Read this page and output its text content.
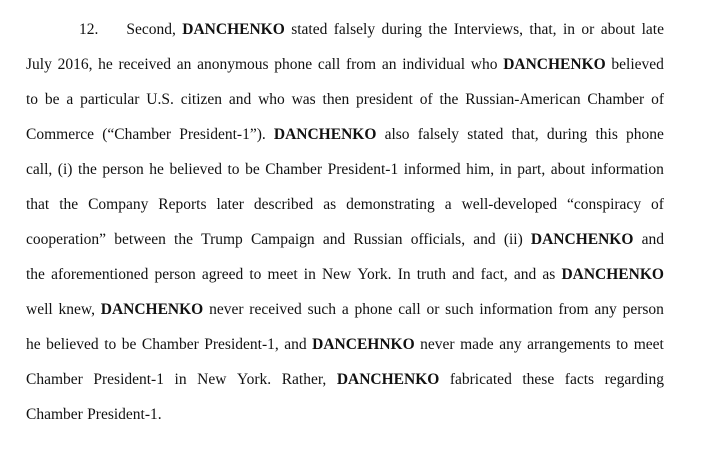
12. Second, DANCHENKO stated falsely during the Interviews, that, in or about late
July 2016, he received an anonymous phone call from an individual who DANCHENKO believed
to be a particular U.S. citizen and who was then president of the Russian-American Chamber of
Commerce (“Chamber President-1”). DANCHENKO also falsely stated that, during this phone
call, (i) the person he believed to be Chamber President-1 informed him, in part, about information
that the Company Reports later described as demonstrating a well-developed “conspiracy of
cooperation” between the Trump Campaign and Russian officials, and (ii) DANCHENKO and
the aforementioned person agreed to meet in New York. In truth and fact, and as DANCHENKO
well knew, DANCHENKO never received such a phone call or such information from any person
he believed to be Chamber President-1, and DANCEHNKO never made any arrangements to meet
Chamber President-1 in New York. Rather, DANCHENKO fabricated these facts regarding
Chamber President-1.
